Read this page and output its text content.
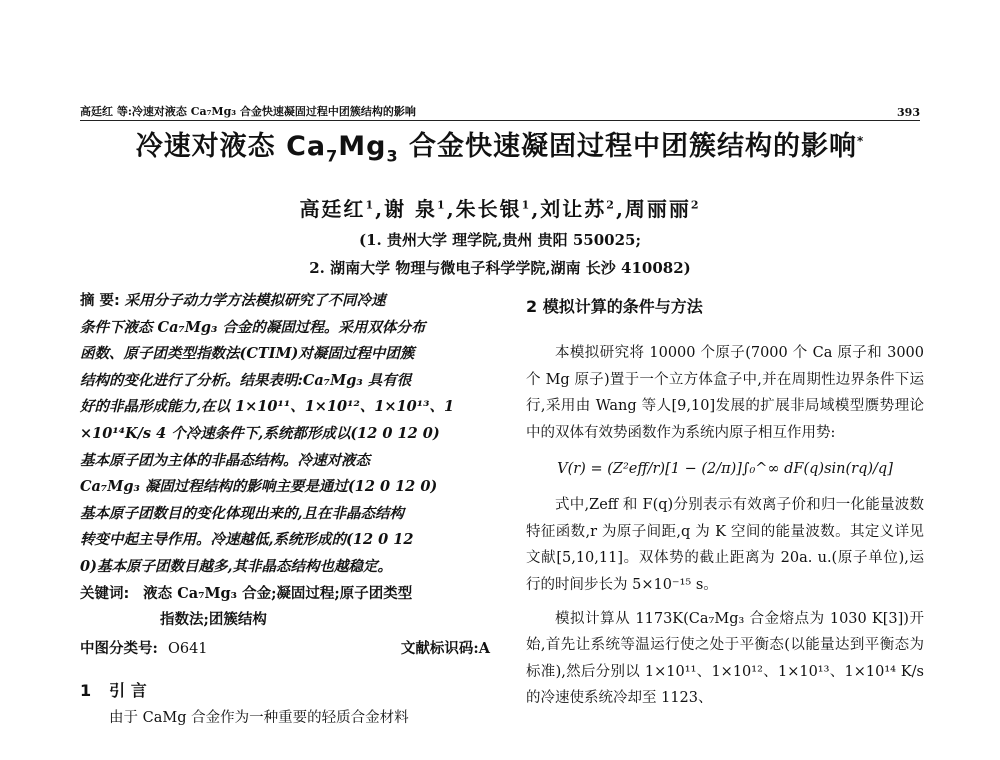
高廷红 等:冷速对液态 Ca₇Mg₃ 合金快速凝固过程中团簇结构的影响	393
冷速对液态 $Ca_7Mg_3$ 合金快速凝固过程中团簇结构的影响*
高廷红$^1$,谢 泉$^1$,朱长银$^1$,刘让苏$^2$,周丽丽$^2$
(1. 贵州大学 理学院,贵州 贵阳 550025;
2. 湖南大学 物理与微电子科学学院,湖南 长沙 410082)

摘 要: 采用分子动力学方法模拟研究了不同冷速

条件下液态 Ca₇Mg₃ 合金的凝固过程。采用双体分布

函数、原子团类型指数法(CTIM)对凝固过程中团簇

结构的变化进行了分析。结果表明:Ca₇Mg₃ 具有很

好的非晶形成能力,在以 1×10¹¹、1×10¹²、1×10¹³、1

×10¹⁴K/s 4 个冷速条件下,系统都形成以(12 0 12 0)

基本原子团为主体的非晶态结构。冷速对液态

Ca₇Mg₃ 凝固过程结构的影响主要是通过(12 0 12 0)

基本原子团数目的变化体现出来的,且在非晶态结构

转变中起主导作用。冷速越低,系统形成的(12 0 12

0)基本原子团数目越多,其非晶态结构也越稳定。

关键词: 液态 Ca₇Mg₃ 合金;凝固过程;原子团类型

指数法;团簇结构

中图分类号: O641	文献标识码:A
1 引 言

由于 CaMg 合金作为一种重要的轻质合金材料

2 模拟计算的条件与方法

本模拟研究将 10000 个原子(7000 个 Ca 原子和 3000 个 Mg 原子)置于一个立方体盒子中,并在周期性边界条件下运行,采用由 Wang 等人[9,10]发展的扩展非局域模型赝势理论中的双体有效势函数作为系统内原子相互作用势:

V(r) = (Z²eff/r)[1 − (2/π)]∫₀^∞ dF(q)sin(rq)/q]

式中,Zeff 和 F(q)分别表示有效离子价和归一化能量波数特征函数,r 为原子间距,q 为 K 空间的能量波数。其定义详见文献[5,10,11]。双体势的截止距离为 20a. u.(原子单位),运行的时间步长为 5×10⁻¹⁵ s。

模拟计算从 1173K(Ca₇Mg₃ 合金熔点为 1030 K[3])开始,首先让系统等温运行使之处于平衡态(以能量达到平衡态为标准),然后分别以 1×10¹¹、1×10¹²、1×10¹³、1×10¹⁴ K/s 的冷速使系统冷却至 1123、
